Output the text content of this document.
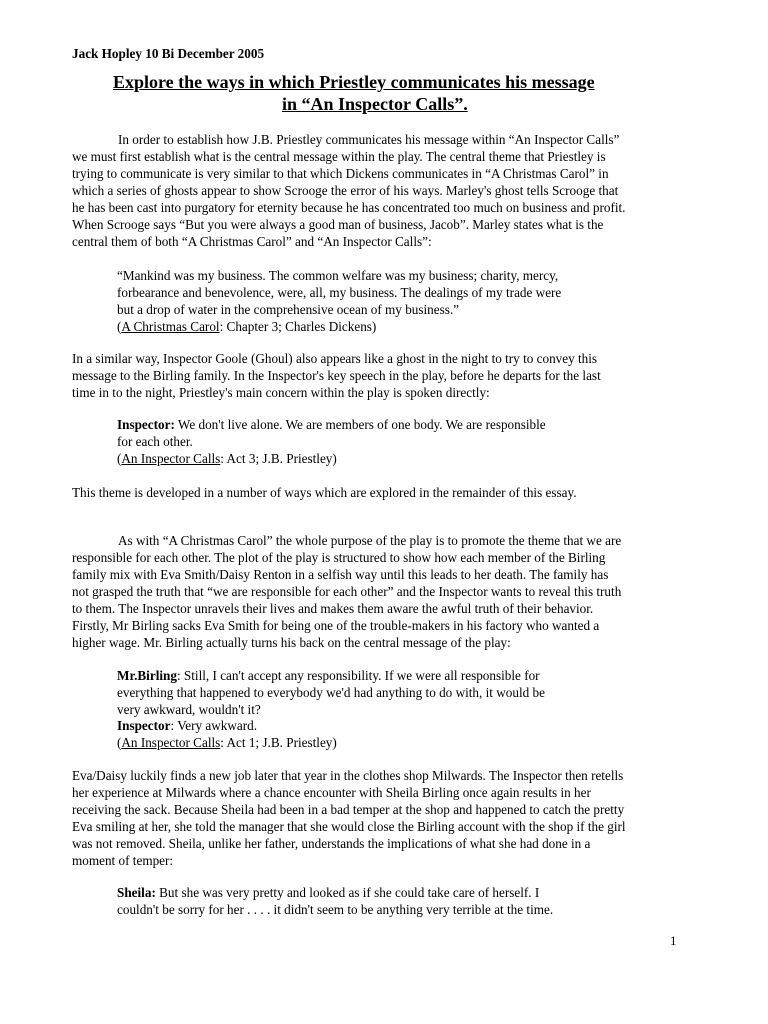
Jack Hopley 10 Bi December 2005
Explore the ways in which Priestley communicates his message
in “An Inspector Calls”.
In order to establish how J.B. Priestley communicates his message within “An Inspector Calls”
we must first establish what is the central message within the play. The central theme that Priestley is
trying to communicate is very similar to that which Dickens communicates in “A Christmas Carol” in
which a series of ghosts appear to show Scrooge the error of his ways. Marley's ghost tells Scrooge that
he has been cast into purgatory for eternity because he has concentrated too much on business and profit.
When Scrooge says “But you were always a good man of business, Jacob”. Marley states what is the
central them of both “A Christmas Carol” and “An Inspector Calls”:
“Mankind was my business. The common welfare was my business; charity, mercy,
forbearance and benevolence, were, all, my business. The dealings of my trade were
but a drop of water in the comprehensive ocean of my business.”
(A Christmas Carol: Chapter 3; Charles Dickens)
In a similar way, Inspector Goole (Ghoul) also appears like a ghost in the night to try to convey this
message to the Birling family. In the Inspector's key speech in the play, before he departs for the last
time in to the night, Priestley's main concern within the play is spoken directly:
Inspector: We don't live alone. We are members of one body. We are responsible
for each other.
(An Inspector Calls: Act 3; J.B. Priestley)
This theme is developed in a number of ways which are explored in the remainder of this essay.
As with “A Christmas Carol” the whole purpose of the play is to promote the theme that we are
responsible for each other. The plot of the play is structured to show how each member of the Birling
family mix with Eva Smith/Daisy Renton in a selfish way until this leads to her death. The family has
not grasped the truth that “we are responsible for each other” and the Inspector wants to reveal this truth
to them. The Inspector unravels their lives and makes them aware the awful truth of their behavior.
Firstly, Mr Birling sacks Eva Smith for being one of the trouble-makers in his factory who wanted a
higher wage. Mr. Birling actually turns his back on the central message of the play:
Mr.Birling: Still, I can't accept any responsibility. If we were all responsible for
everything that happened to everybody we'd had anything to do with, it would be
very awkward, wouldn't it?
Inspector: Very awkward.
(An Inspector Calls: Act 1; J.B. Priestley)
Eva/Daisy luckily finds a new job later that year in the clothes shop Milwards. The Inspector then retells
her experience at Milwards where a chance encounter with Sheila Birling once again results in her
receiving the sack. Because Sheila had been in a bad temper at the shop and happened to catch the pretty
Eva smiling at her, she told the manager that she would close the Birling account with the shop if the girl
was not removed. Sheila, unlike her father, understands the implications of what she had done in a
moment of temper:
Sheila: But she was very pretty and looked as if she could take care of herself. I
couldn't be sorry for her . . . . it didn't seem to be anything very terrible at the time.
1
